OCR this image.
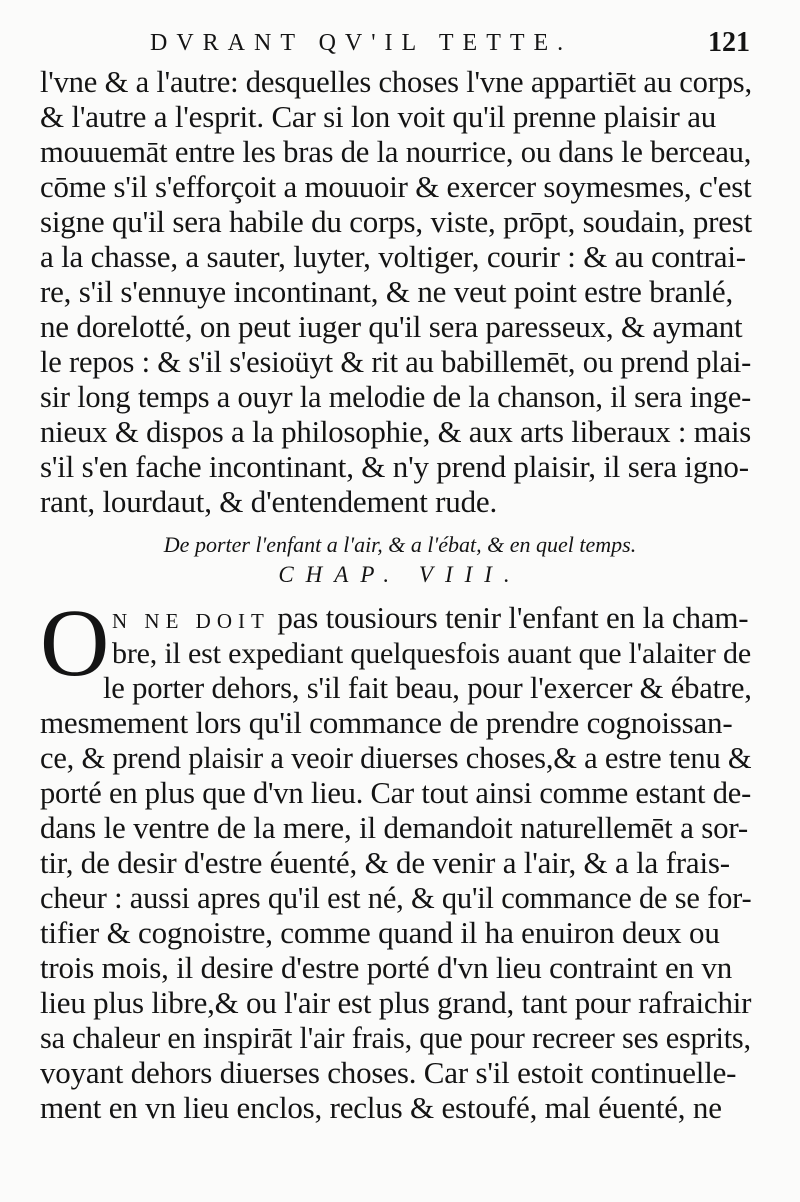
DVRANT QV'IL TETTE.	121
l'vne & a l'autre: desquelles choses l'vne appartiēt au corps,
& l'autre a l'esprit. Car si lon voit qu'il prenne plaisir au
mouuemāt entre les bras de la nourrice, ou dans le berceau,
cōme s'il s'efforçoit a mouuoir & exercer soymesmes, c'est
signe qu'il sera habile du corps, viste, prōpt, soudain, prest
a la chasse, a sauter, luyter, voltiger, courir : & au contrai-
re, s'il s'ennuye incontinant, & ne veut point estre branlé,
ne dorelotté, on peut iuger qu'il sera paresseux, & aymant
le repos : & s'il s'esioüyt & rit au babillemēt, ou prend plai-
sir long temps a ouyr la melodie de la chanson, il sera inge-
nieux & dispos a la philosophie, & aux arts liberaux : mais
s'il s'en fache incontinant, & n'y prend plaisir, il sera igno-
rant, lourdaut, & d'entendement rude.
De porter l'enfant a l'air, & a l'ébat, & en quel temps.
CHAP. VIII.
O N NE DOIT pas tousiours tenir l'enfant en la cham-
bre, il est expediant quelquesfois auant que l'alaiter de
le porter dehors, s'il fait beau, pour l'exercer & ébatre,
mesmement lors qu'il commance de prendre cognoissan-
ce, & prend plaisir a veoir diuerses choses,& a estre tenu &
porté en plus que d'vn lieu. Car tout ainsi comme estant de-
dans le ventre de la mere, il demandoit naturellemēt a sor-
tir, de desir d'estre éuenté, & de venir a l'air, & a la frais-
cheur : aussi apres qu'il est né, & qu'il commance de se for-
tifier & cognoistre, comme quand il ha enuiron deux ou
trois mois, il desire d'estre porté d'vn lieu contraint en vn
lieu plus libre,& ou l'air est plus grand, tant pour rafraichir
sa chaleur en inspirāt l'air frais, que pour recreer ses esprits,
voyant dehors diuerses choses. Car s'il estoit continuelle-
ment en vn lieu enclos, reclus & estoufé, mal éuenté, ne
